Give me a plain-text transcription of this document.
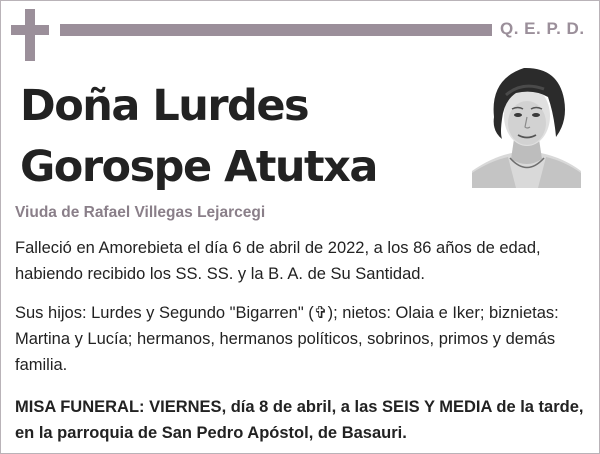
Q. E. P. D.
Doña Lurdes
Gorospe Atutxa
Viuda de Rafael Villegas Lejarcegi
Falleció en Amorebieta el día 6 de abril de 2022, a los 86 años de edad, habiendo recibido los SS. SS. y la B. A. de Su Santidad.
Sus hijos: Lurdes y Segundo "Bigarren" (✞); nietos: Olaia e Iker; biznietas: Martina y Lucía; hermanos, hermanos políticos, sobrinos, primos y demás familia.
MISA FUNERAL: VIERNES, día 8 de abril, a las SEIS Y MEDIA de la tarde, en la parroquia de San Pedro Apóstol, de Basauri.
